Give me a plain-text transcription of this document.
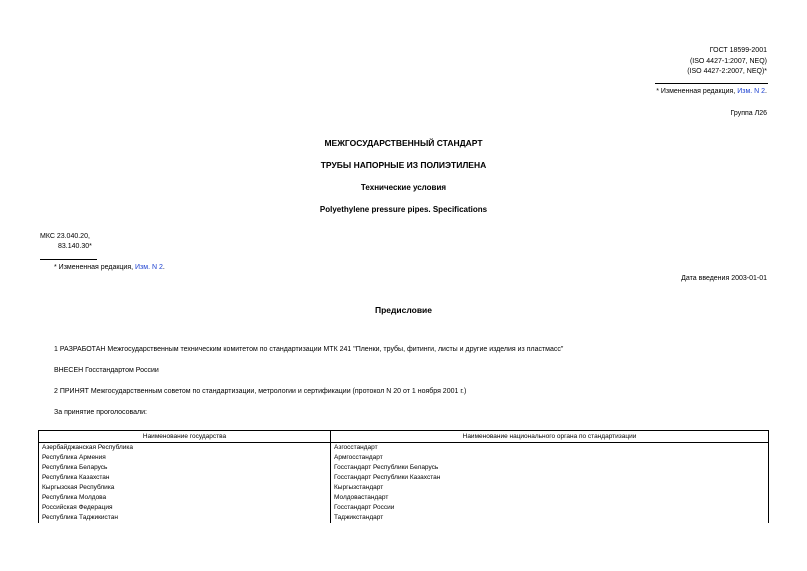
ГОСТ 18599-2001
(ISO 4427-1:2007, NEQ)
(ISO 4427-2:2007, NEQ)*
* Измененная редакция, Изм. N 2.
Группа Л26
МЕЖГОСУДАРСТВЕННЫЙ СТАНДАРТ
ТРУБЫ НАПОРНЫЕ ИЗ ПОЛИЭТИЛЕНА
Технические условия
Polyethylene pressure pipes. Specifications
МКС 23.040.20,
83.140.30*
* Измененная редакция, Изм. N 2.
Дата введения 2003-01-01
Предисловие
1 РАЗРАБОТАН Межгосударственным техническим комитетом по стандартизации МТК 241 "Пленки, трубы, фитинги, листы и другие изделия из пластмасс"
ВНЕСЕН Госстандартом России
2 ПРИНЯТ Межгосударственным советом по стандартизации, метрологии и сертификации (протокол N 20 от 1 ноября 2001 г.)
За принятие проголосовали:
Наименование государства	Наименование национального органа по стандартизации
Азербайджанская Республика	Азгосстандарт
Республика Армения	Армгосстандарт
Республика Беларусь	Госстандарт Республики Беларусь
Республика Казахстан	Госстандарт Республики Казахстан
Кыргызская Республика	Кыргызстандарт
Республика Молдова	Молдовастандарт
Российская Федерация	Госстандарт России
Республика Таджикистан	Таджикстандарт
